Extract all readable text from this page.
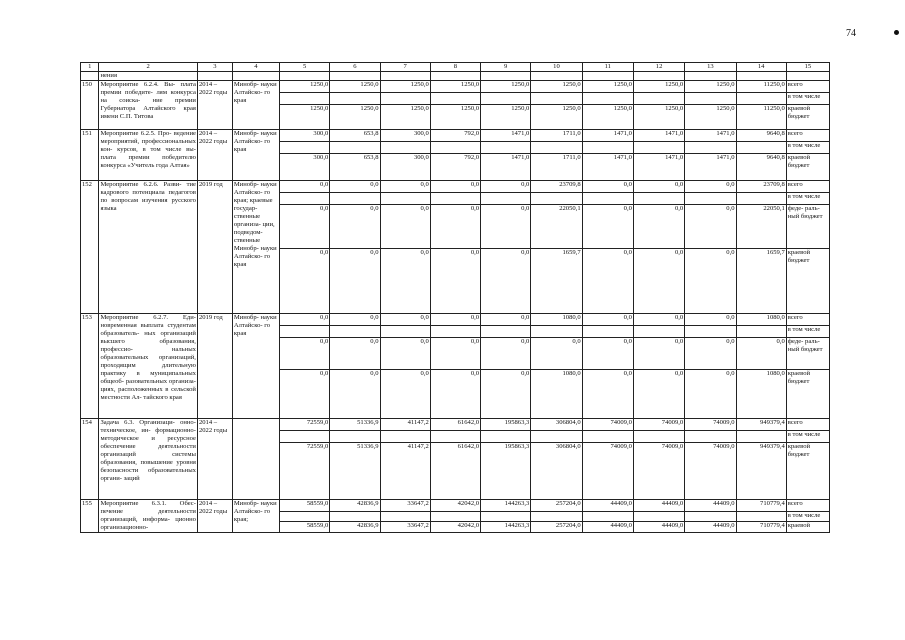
74
1	2	3	4	5	6	7	8	9	10	11	12	13	14	15
	нения													
150	Мероприятие 6.2.4. Вы- плата премии победите- лям конкурса на соиска- ние премии Губернатора Алтайского края имени С.П. Титова	2014 – 2022 годы	Минобр- науки Алтайско- го края	1250,0	1250,0	1250,0	1250,0	1250,0	1250,0	1250,0	1250,0	1250,0	11250,0	всего
														в том числе
				1250,0	1250,0	1250,0	1250,0	1250,0	1250,0	1250,0	1250,0	1250,0	11250,0	краевой бюджет
151	Мероприятие 6.2.5. Про- ведение мероприятий, профессиональных кон- курсов, в том числе вы- плата премии победителю конкурса «Учитель года Алтая»	2014 – 2022 годы	Минобр- науки Алтайско- го края	300,0	653,8	300,0	792,0	1471,0	1711,0	1471,0	1471,0	1471,0	9640,8	всего
														в том числе
				300,0	653,8	300,0	792,0	1471,0	1711,0	1471,0	1471,0	1471,0	9640,8	краевой бюджет
152	Мероприятие 6.2.6. Разви- тие кадрового потенциала педагогов по вопросам изучения русского языка	2019 год	Минобр- науки Алтайско- го края; краевые государ- ственные организа- ции, подведом- ственные Минобр- науки Алтайско- го края	0,0	0,0	0,0	0,0	0,0	23709,8	0,0	0,0	0,0	23709,8	всего
														в том числе
				0,0	0,0	0,0	0,0	0,0	22050,1	0,0	0,0	0,0	22050,1	феде- раль- ный бюджет
				0,0	0,0	0,0	0,0	0,0	1659,7	0,0	0,0	0,0	1659,7	краевой бюджет
153	Мероприятие 6.2.7. Еди- новременная выплата студентам образователь- ных организаций высшего образования, профессио- нальных образовательных организаций, проходящим длительную практику в муниципальных общеоб- разовательных организа- циях, расположенных в сельской местности Ал- тайского края	2019 год	Минобр- науки Алтайско- го края	0,0	0,0	0,0	0,0	0,0	1080,0	0,0	0,0	0,0	1080,0	всего
														в том числе
				0,0	0,0	0,0	0,0	0,0	0,0	0,0	0,0	0,0	0,0	феде- раль- ный бюджет
				0,0	0,0	0,0	0,0	0,0	1080,0	0,0	0,0	0,0	1080,0	краевой бюджет
154	Задача 6.3. Организаци- онно-техническое, ин- формационно- методическое и ресурсное обеспечение деятельности организаций системы образования, повышение уровня безопасности образовательных органи- заций	2014 – 2022 годы		72559,0	51336,9	41147,2	61642,0	195863,3	306804,0	74009,0	74009,0	74009,0	949379,4	всего
														в том числе
				72559,0	51336,9	41147,2	61642,0	195863,3	306804,0	74009,0	74009,0	74009,0	949379,4	краевой бюджет
155	Мероприятие 6.3.1. Обес- печение деятельности организаций, информа- ционно организационно-	2014 – 2022 годы	Минобр- науки Алтайско- го края;	58559,0	42836,9	33647,2	42042,0	144263,3	257204,0	44409,0	44409,0	44409,0	710779,4	всего
														в том числе
				58559,0	42836,9	33647,2	42042,0	144263,3	257204,0	44409,0	44409,0	44409,0	710779,4	краевой
